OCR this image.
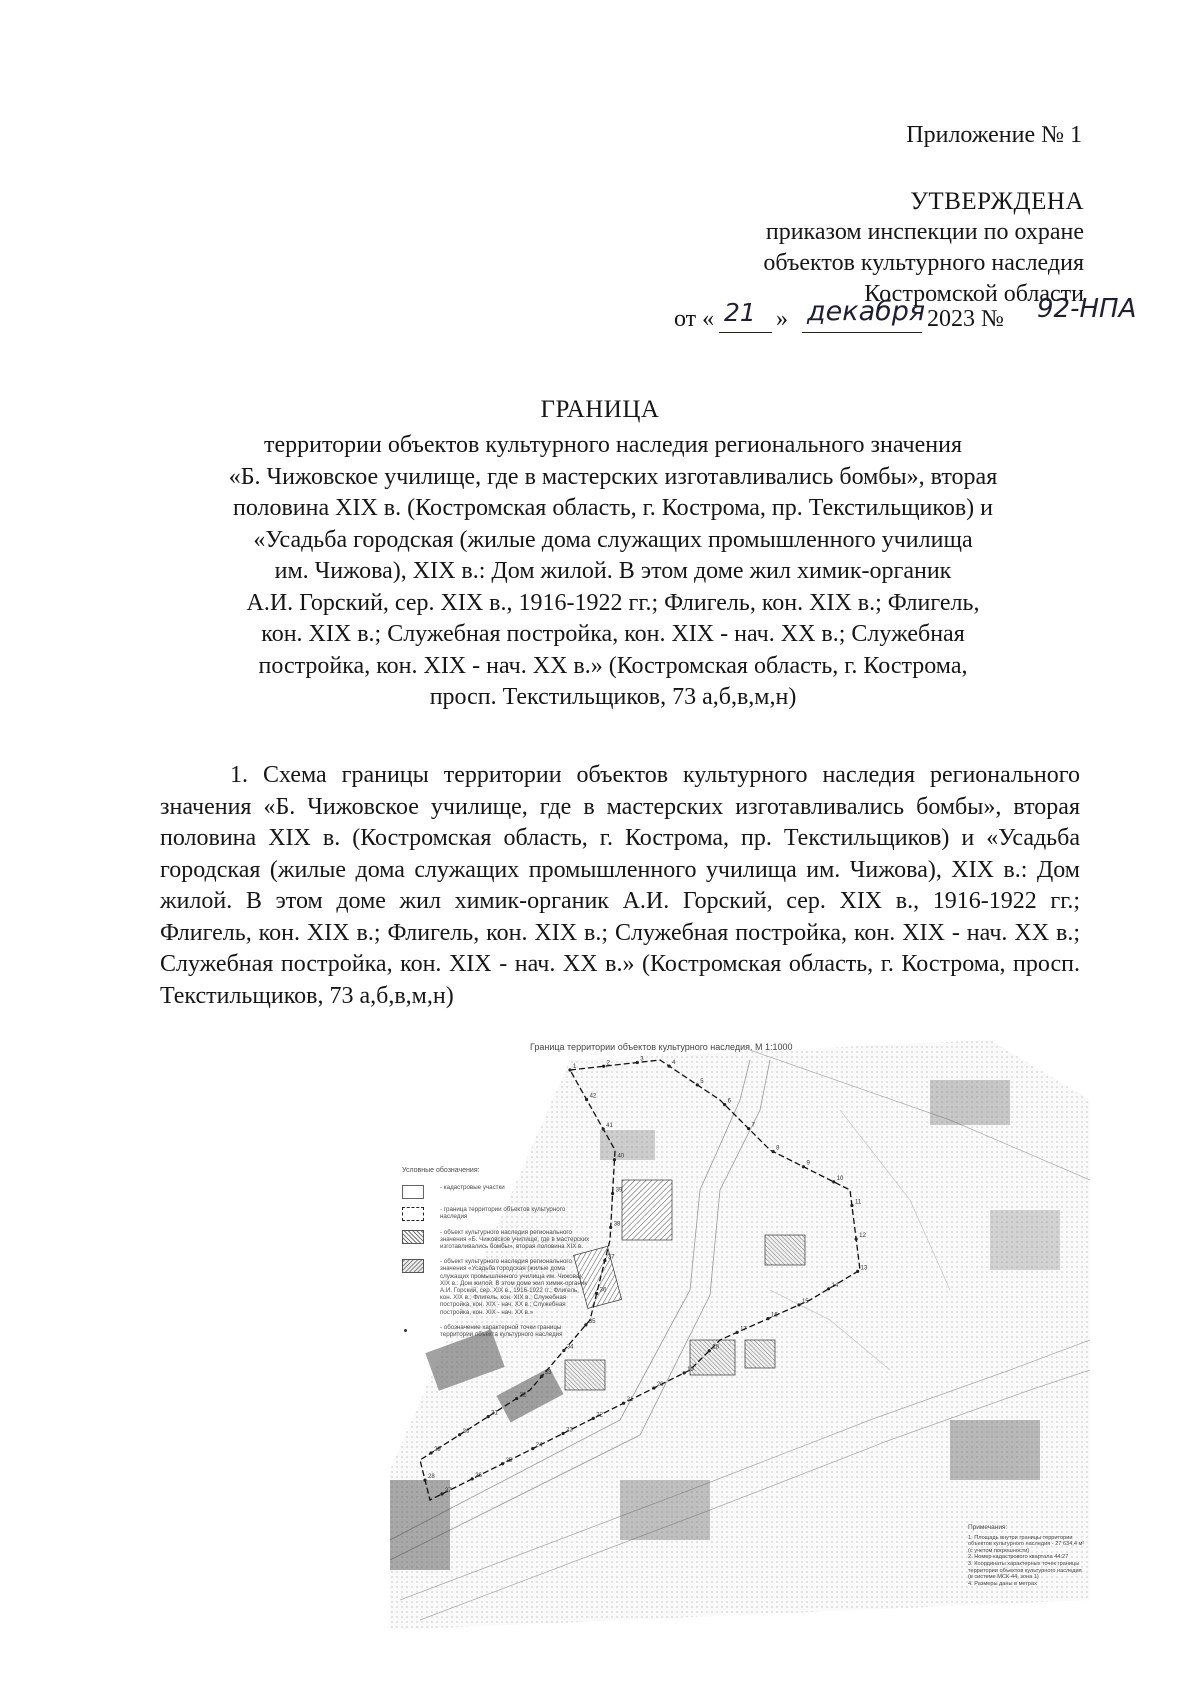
Приложение № 1
УТВЕРЖДЕНА
приказом инспекции по охране
объектов культурного наследия
Костромской области
от « 21 » декабря 2023 № 92-НПА
ГРАНИЦА
территории объектов культурного наследия регионального значения
«Б. Чижовское училище, где в мастерских изготавливались бомбы», вторая
половина XIX в. (Костромская область, г. Кострома, пр. Текстильщиков) и
«Усадьба городская (жилые дома служащих промышленного училища
им. Чижова), XIX в.: Дом жилой. В этом доме жил химик-органик
А.И. Горский, сер. XIX в., 1916-1922 гг.; Флигель, кон. XIX в.; Флигель,
кон. XIX в.; Служебная постройка, кон. XIX - нач. XX в.; Служебная
постройка, кон. XIX - нач. XX в.» (Костромская область, г. Кострома,
просп. Текстильщиков, 73 а,б,в,м,н)
1. Схема границы территории объектов культурного наследия регионального значения «Б. Чижовское училище, где в мастерских изготавливались бомбы», вторая половина XIX в. (Костромская область, г. Кострома, пр. Текстильщиков) и «Усадьба городская (жилые дома служащих промышленного училища им. Чижова), XIX в.: Дом жилой. В этом доме жил химик-органик А.И. Горский, сер. XIX в., 1916-1922 гг.; Флигель, кон. XIX в.; Флигель, кон. XIX в.; Служебная постройка, кон. XIX - нач. XX в.; Служебная постройка, кон. XIX - нач. XX в.» (Костромская область, г. Кострома, просп. Текстильщиков, 73 а,б,в,м,н)
1
2
3
4
5
6
7
8
9
10
11
12
13
14
15
16
17
18
19
20
21
22
23
24
25
26
27
28
29
30
31
32
33
34
35
36
37
38
39
40
41
42
Граница территории объектов культурного наследия. М 1:1000
Условные обозначения:
- кадастровые участки
- граница территории объектов культурного наследия
- объект культурного наследия регионального значения «Б. Чижовское училище, где в мастерских изготавливались бомбы», вторая половина XIX в.
- объект культурного наследия регионального значения «Усадьба городская (жилые дома служащих промышленного училища им. Чижова), XIX в.: Дом жилой. В этом доме жил химик-органик А.И. Горский, сер. XIX в., 1916-1922 гг.; Флигель, кон. XIX в.; Флигель, кон. XIX в.; Служебная постройка, кон. XIX - нач. XX в.; Служебная постройка, кон. XIX - нач. XX в.»
- обозначение характерной точки границы территории объекта культурного наследия
Примечания:
1. Площадь внутри границы территории объектов культурного наследия - 27 634,4 м² (с учетом погрешности)
2. Номер кадастрового квартала 44:27
3. Координаты характерных точек границы территории объектов культурного наследия (в системе МСК-44, зона 1)
4. Размеры даны в метрах
